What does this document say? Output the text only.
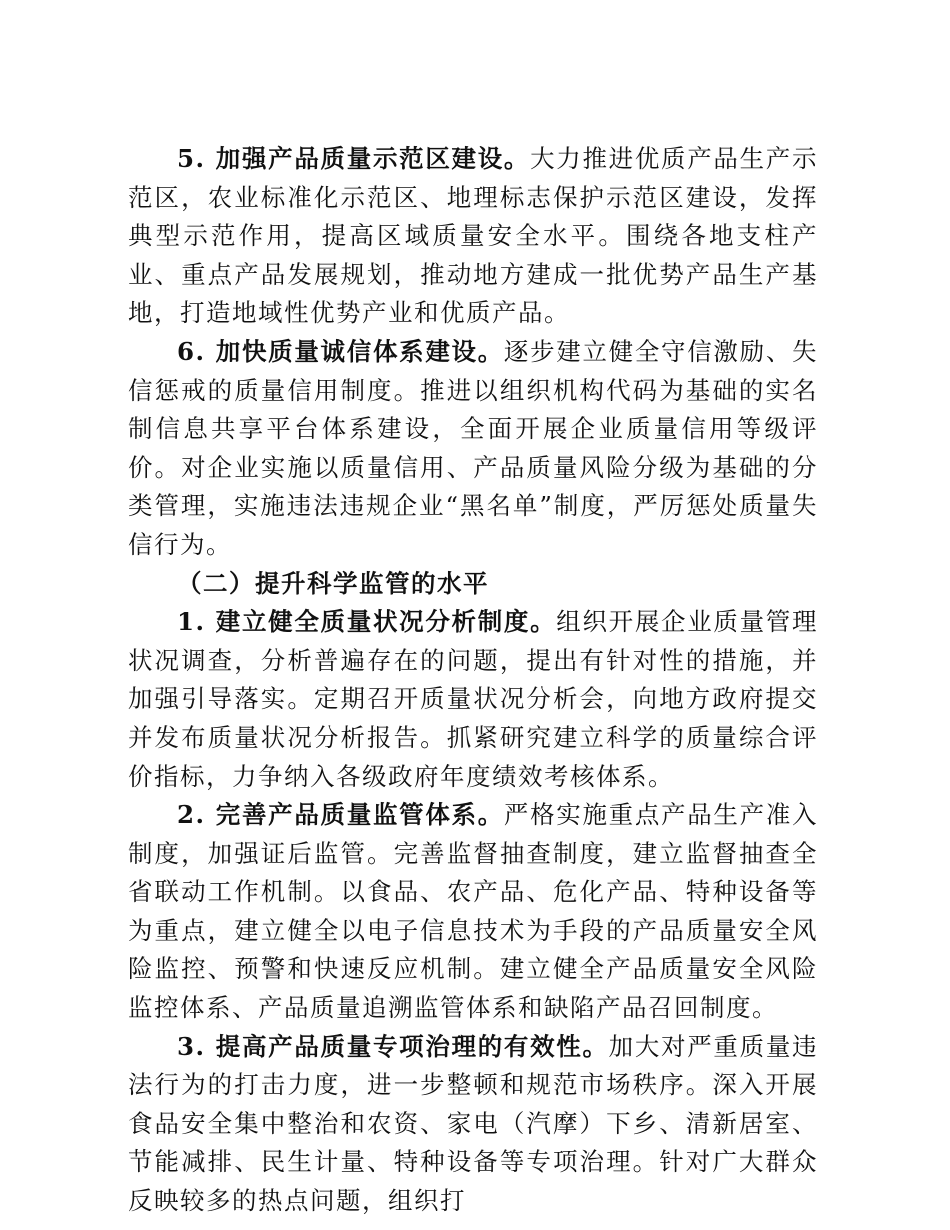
5. 加强产品质量示范区建设。大力推进优质产品生产示范区，农业标准化示范区、地理标志保护示范区建设，发挥典型示范作用，提高区域质量安全水平。围绕各地支柱产业、重点产品发展规划，推动地方建成一批优势产品生产基地，打造地域性优势产业和优质产品。

6. 加快质量诚信体系建设。逐步建立健全守信激励、失信惩戒的质量信用制度。推进以组织机构代码为基础的实名制信息共享平台体系建设，全面开展企业质量信用等级评价。对企业实施以质量信用、产品质量风险分级为基础的分类管理，实施违法违规企业“黑名单”制度，严厉惩处质量失信行为。

（二）提升科学监管的水平

1. 建立健全质量状况分析制度。组织开展企业质量管理状况调查，分析普遍存在的问题，提出有针对性的措施，并加强引导落实。定期召开质量状况分析会，向地方政府提交并发布质量状况分析报告。抓紧研究建立科学的质量综合评价指标，力争纳入各级政府年度绩效考核体系。

2. 完善产品质量监管体系。严格实施重点产品生产准入制度，加强证后监管。完善监督抽查制度，建立监督抽查全省联动工作机制。以食品、农产品、危化产品、特种设备等为重点，建立健全以电子信息技术为手段的产品质量安全风险监控、预警和快速反应机制。建立健全产品质量安全风险监控体系、产品质量追溯监管体系和缺陷产品召回制度。

3. 提高产品质量专项治理的有效性。加大对严重质量违法行为的打击力度，进一步整顿和规范市场秩序。深入开展食品安全集中整治和农资、家电（汽摩）下乡、清新居室、节能减排、民生计量、特种设备等专项治理。针对广大群众反映较多的热点问题，组织打
